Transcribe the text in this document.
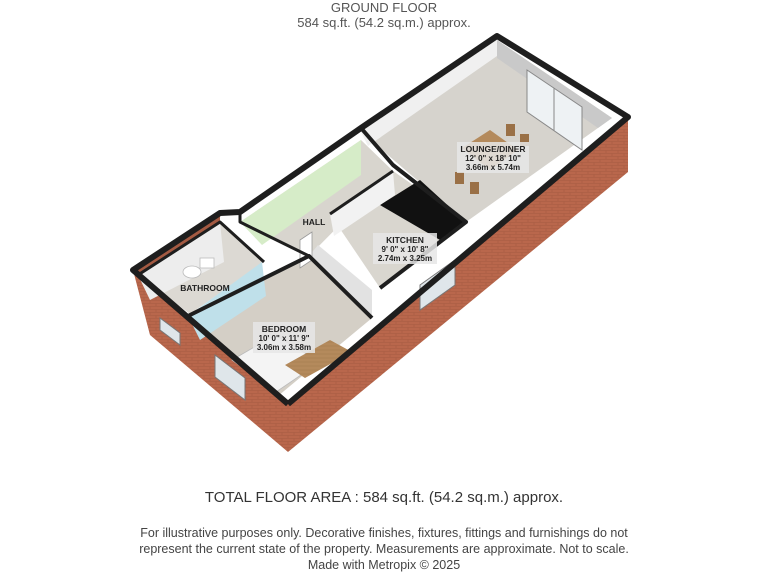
GROUND FLOOR
584 sq.ft. (54.2 sq.m.) approx.
LOUNGE/DINER
12' 0" x 18' 10"
3.66m x 5.74m
HALL
KITCHEN
9' 0" x 10' 8"
2.74m x 3.25m
BATHROOM
BEDROOM
10' 0" x 11' 9"
3.06m x 3.58m
TOTAL FLOOR AREA : 584 sq.ft. (54.2 sq.m.) approx.
For illustrative purposes only. Decorative finishes, fixtures, fittings and furnishings do not
represent the current state of the property. Measurements are approximate. Not to scale.
Made with Metropix © 2025
